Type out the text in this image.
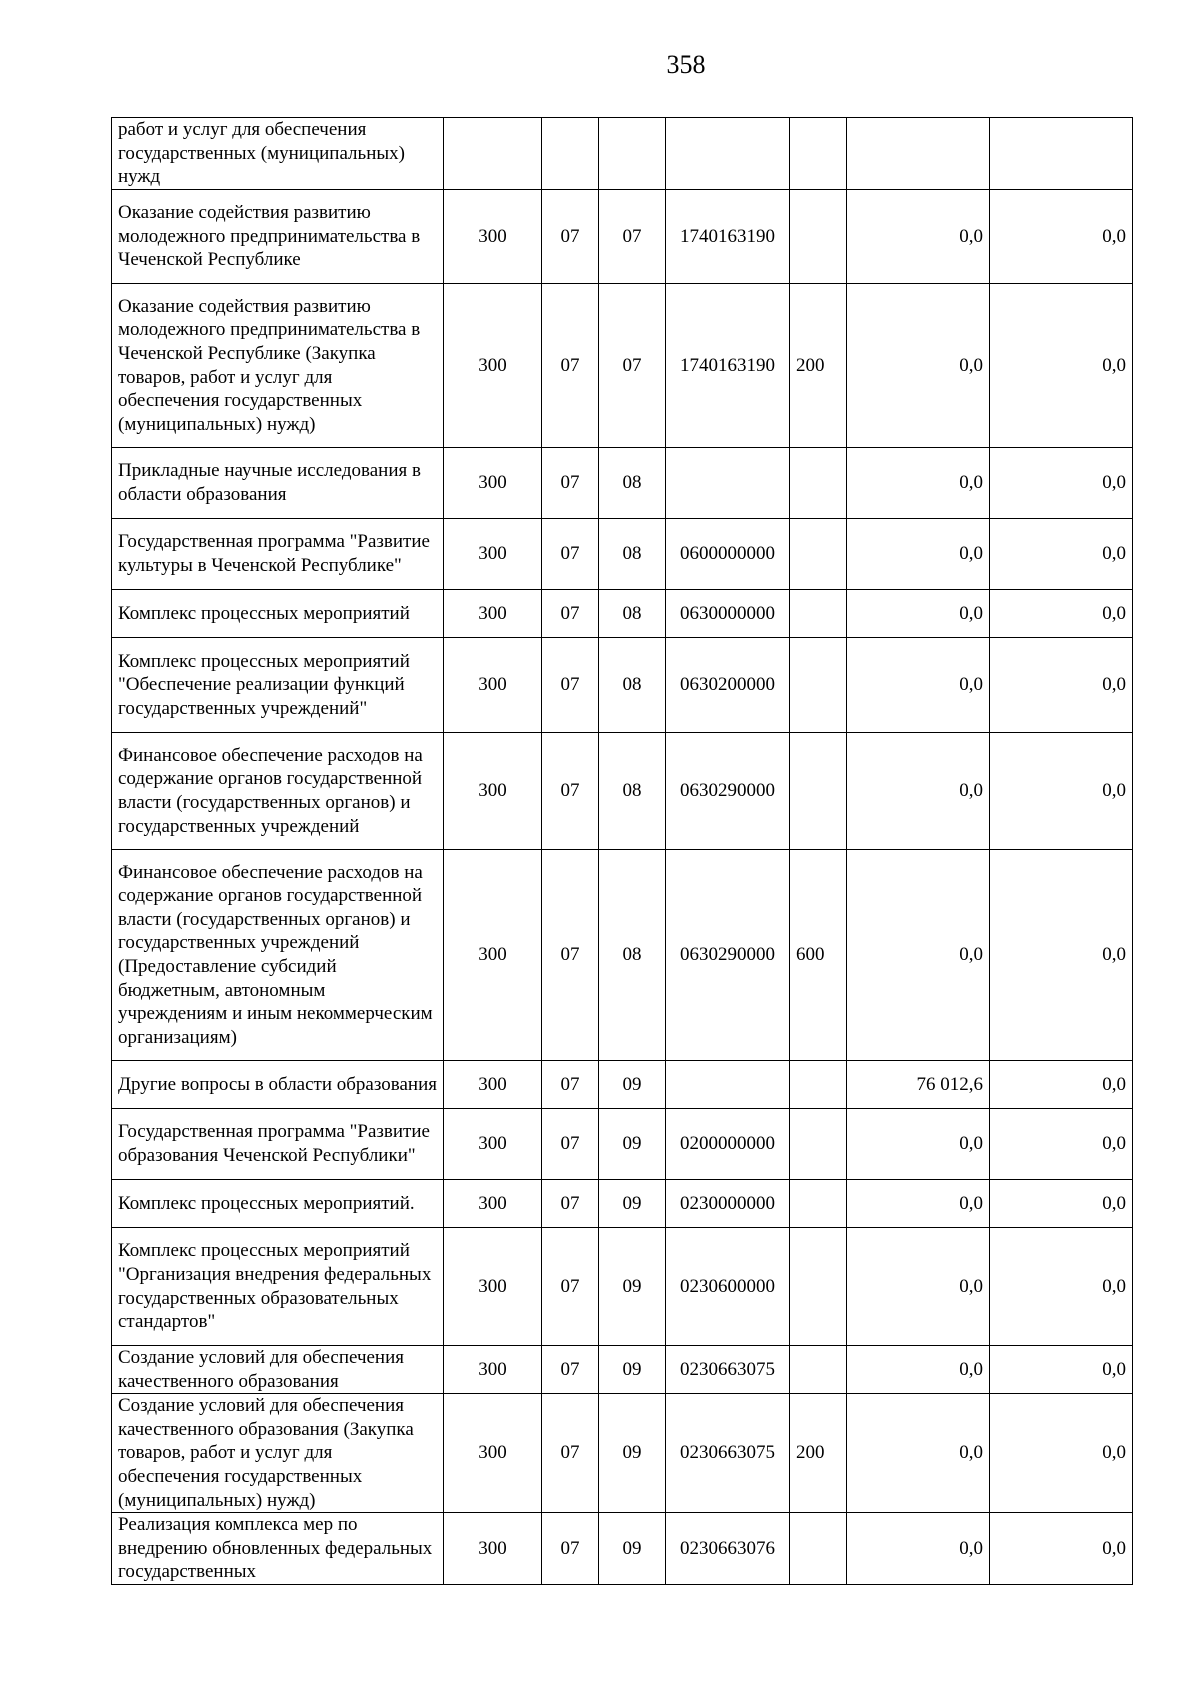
358
работ и услуг для обеспечения государственных (муниципальных) нужд							
Оказание содействия развитию молодежного предпринимательства в Чеченской Республике	300	07	07	1740163190		0,0	0,0
Оказание содействия развитию молодежного предпринимательства в Чеченской Республике (Закупка товаров, работ и услуг для обеспечения государственных (муниципальных) нужд)	300	07	07	1740163190	200	0,0	0,0
Прикладные научные исследования в области образования	300	07	08			0,0	0,0
Государственная программа "Развитие культуры в Чеченской Республике"	300	07	08	0600000000		0,0	0,0
Комплекс процессных мероприятий	300	07	08	0630000000		0,0	0,0
Комплекс процессных мероприятий "Обеспечение реализации функций государственных учреждений"	300	07	08	0630200000		0,0	0,0
Финансовое обеспечение расходов на содержание органов государственной власти (государственных органов) и государственных учреждений	300	07	08	0630290000		0,0	0,0
Финансовое обеспечение расходов на содержание органов государственной власти (государственных органов) и государственных учреждений (Предоставление субсидий бюджетным, автономным учреждениям и иным некоммерческим организациям)	300	07	08	0630290000	600	0,0	0,0
Другие вопросы в области образования	300	07	09			76 012,6	0,0
Государственная программа "Развитие образования Чеченской Республики"	300	07	09	0200000000		0,0	0,0
Комплекс процессных мероприятий.	300	07	09	0230000000		0,0	0,0
Комплекс процессных мероприятий "Организация внедрения федеральных государственных образовательных стандартов"	300	07	09	0230600000		0,0	0,0
Создание условий для обеспечения качественного образования	300	07	09	0230663075		0,0	0,0
Создание условий для обеспечения качественного образования (Закупка товаров, работ и услуг для обеспечения государственных (муниципальных) нужд)	300	07	09	0230663075	200	0,0	0,0
Реализация комплекса мер по внедрению обновленных федеральных государственных	300	07	09	0230663076		0,0	0,0
